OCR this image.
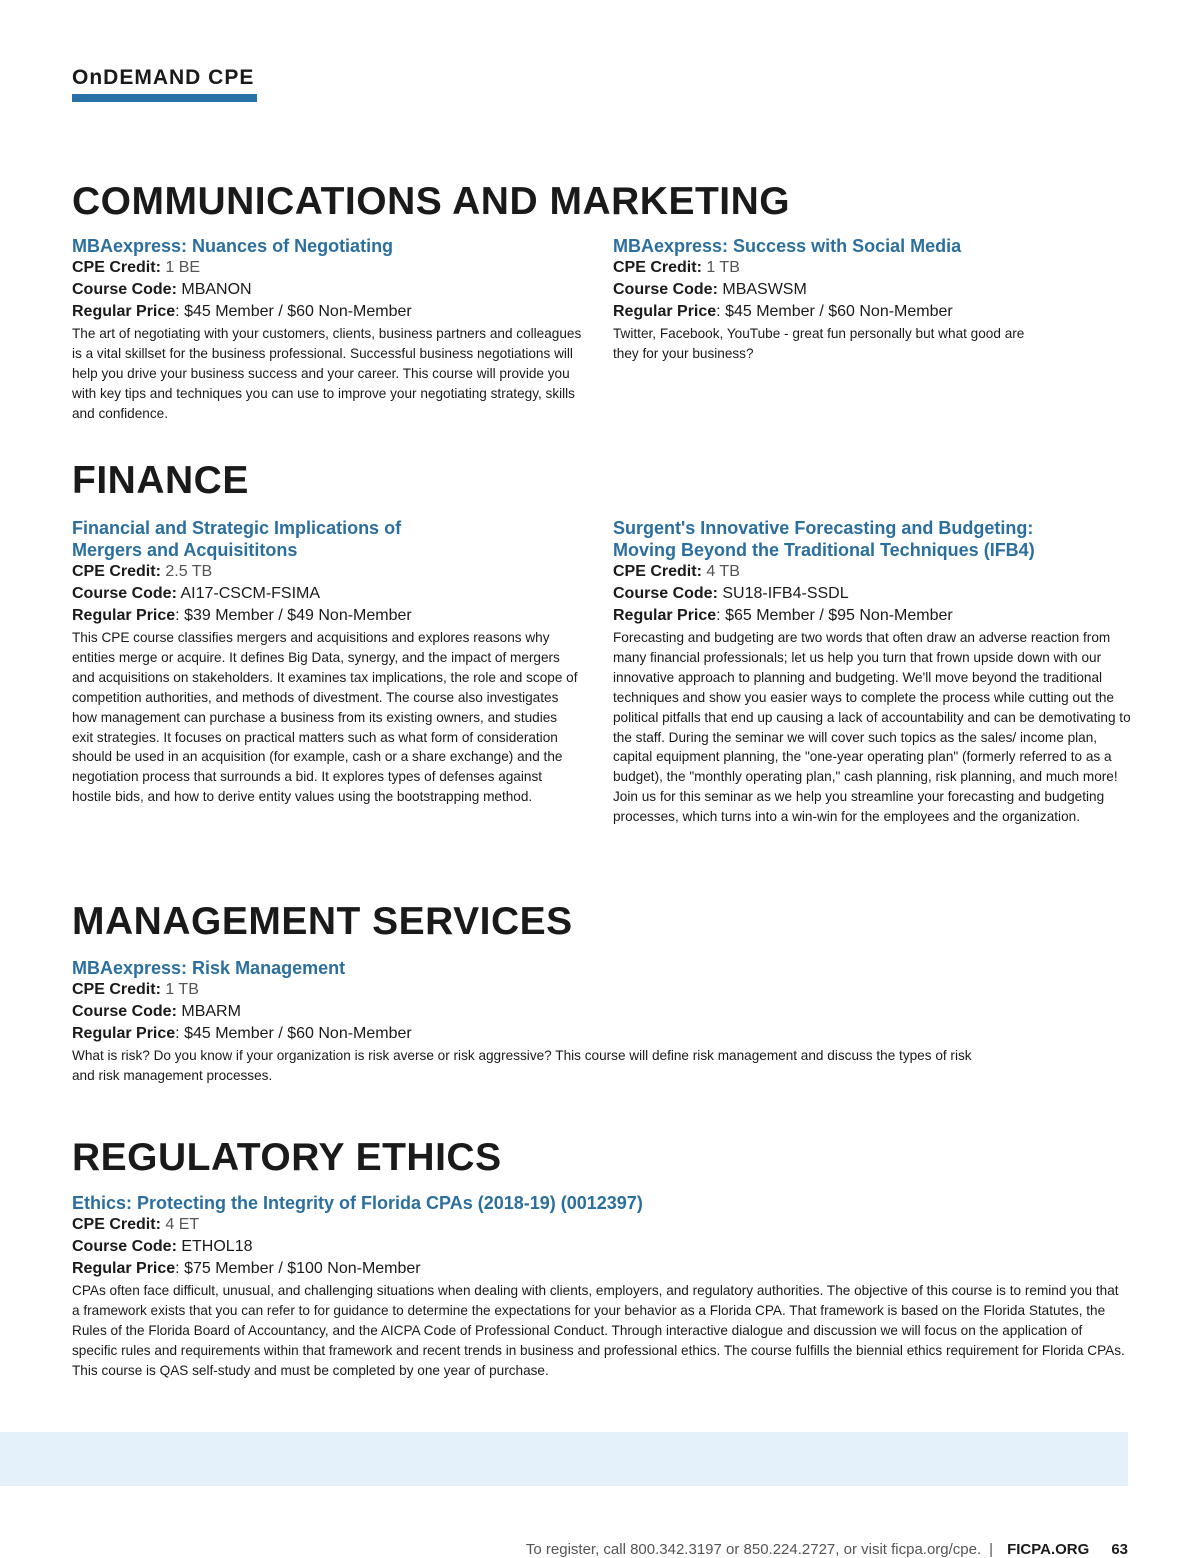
OnDEMAND CPE
COMMUNICATIONS AND MARKETING
MBAexpress: Nuances of Negotiating
CPE Credit: 1 BE
Course Code: MBANON
Regular Price: $45 Member / $60 Non-Member
The art of negotiating with your customers, clients, business partners and colleagues is a vital skillset for the business professional. Successful business negotiations will help you drive your business success and your career. This course will provide you with key tips and techniques you can use to improve your negotiating strategy, skills and confidence.
MBAexpress: Success with Social Media
CPE Credit: 1 TB
Course Code: MBASWSM
Regular Price: $45 Member / $60 Non-Member
Twitter, Facebook, YouTube - great fun personally but what good are they for your business?
FINANCE
Financial and Strategic Implications of Mergers and Acquisititons
CPE Credit: 2.5 TB
Course Code: AI17-CSCM-FSIMA
Regular Price: $39 Member / $49 Non-Member
This CPE course classifies mergers and acquisitions and explores reasons why entities merge or acquire. It defines Big Data, synergy, and the impact of mergers and acquisitions on stakeholders. It examines tax implications, the role and scope of competition authorities, and methods of divestment. The course also investigates how management can purchase a business from its existing owners, and studies exit strategies. It focuses on practical matters such as what form of consideration should be used in an acquisition (for example, cash or a share exchange) and the negotiation process that surrounds a bid. It explores types of defenses against hostile bids, and how to derive entity values using the bootstrapping method.
Surgent's Innovative Forecasting and Budgeting: Moving Beyond the Traditional Techniques (IFB4)
CPE Credit: 4 TB
Course Code: SU18-IFB4-SSDL
Regular Price: $65 Member / $95 Non-Member
Forecasting and budgeting are two words that often draw an adverse reaction from many financial professionals; let us help you turn that frown upside down with our innovative approach to planning and budgeting. We'll move beyond the traditional techniques and show you easier ways to complete the process while cutting out the political pitfalls that end up causing a lack of accountability and can be demotivating to the staff. During the seminar we will cover such topics as the sales/ income plan, capital equipment planning, the "one-year operating plan" (formerly referred to as a budget), the "monthly operating plan," cash planning, risk planning, and much more! Join us for this seminar as we help you streamline your forecasting and budgeting processes, which turns into a win-win for the employees and the organization.
MANAGEMENT SERVICES
MBAexpress: Risk Management
CPE Credit: 1 TB
Course Code: MBARM
Regular Price: $45 Member / $60 Non-Member
What is risk? Do you know if your organization is risk averse or risk aggressive? This course will define risk management and discuss the types of risk and risk management processes.
REGULATORY ETHICS
Ethics: Protecting the Integrity of Florida CPAs (2018-19) (0012397)
CPE Credit: 4 ET
Course Code: ETHOL18
Regular Price: $75 Member / $100 Non-Member
CPAs often face difficult, unusual, and challenging situations when dealing with clients, employers, and regulatory authorities. The objective of this course is to remind you that a framework exists that you can refer to for guidance to determine the expectations for your behavior as a Florida CPA. That framework is based on the Florida Statutes, the Rules of the Florida Board of Accountancy, and the AICPA Code of Professional Conduct. Through interactive dialogue and discussion we will focus on the application of specific rules and requirements within that framework and recent trends in business and professional ethics. The course fulfills the biennial ethics requirement for Florida CPAs. This course is QAS self-study and must be completed by one year of purchase.
To register, call 800.342.3197 or 850.224.2727, or visit ficpa.org/cpe. | FICPA.ORG 63
